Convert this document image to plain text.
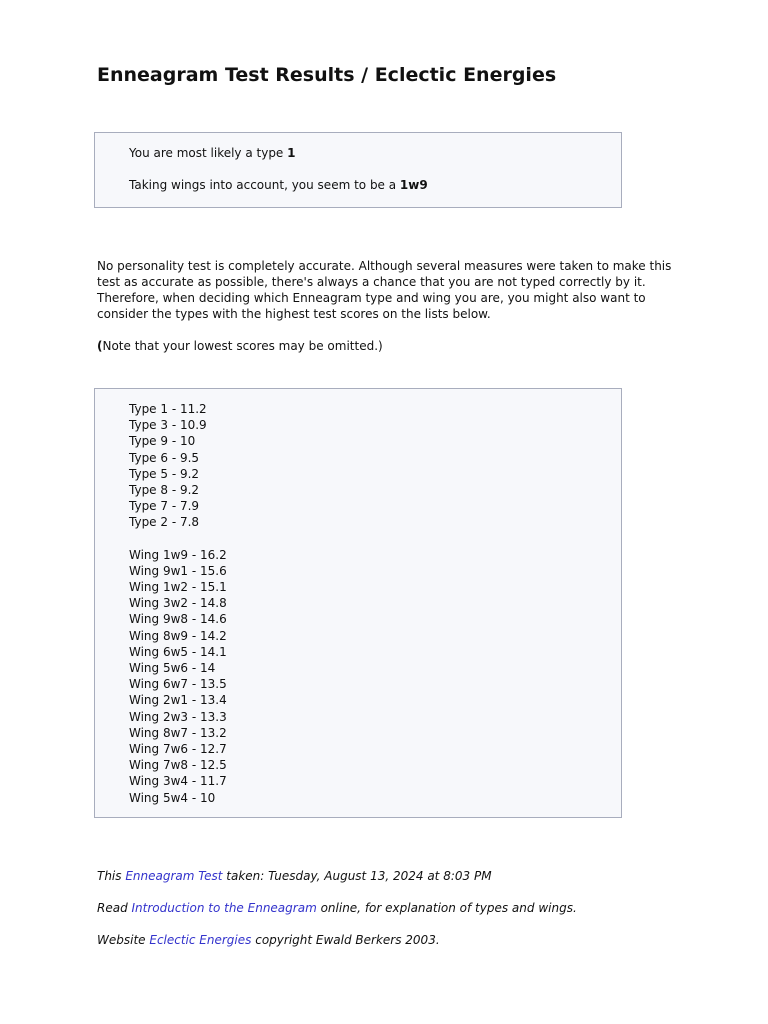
Enneagram Test Results / Eclectic Energies

You are most likely a type 1

Taking wings into account, you seem to be a 1w9

No personality test is completely accurate. Although several measures were taken to make this test as accurate as possible, there's always a chance that you are not typed correctly by it. Therefore, when deciding which Enneagram type and wing you are, you might also want to consider the types with the highest test scores on the lists below.

(Note that your lowest scores may be omitted.)

Type 1 - 11.2
Type 3 - 10.9
Type 9 - 10
Type 6 - 9.5
Type 5 - 9.2
Type 8 - 9.2
Type 7 - 7.9
Type 2 - 7.8
Wing 1w9 - 16.2
Wing 9w1 - 15.6
Wing 1w2 - 15.1
Wing 3w2 - 14.8
Wing 9w8 - 14.6
Wing 8w9 - 14.2
Wing 6w5 - 14.1
Wing 5w6 - 14
Wing 6w7 - 13.5
Wing 2w1 - 13.4
Wing 2w3 - 13.3
Wing 8w7 - 13.2
Wing 7w6 - 12.7
Wing 7w8 - 12.5
Wing 3w4 - 11.7
Wing 5w4 - 10

This Enneagram Test taken: Tuesday, August 13, 2024 at 8:03 PM

Read Introduction to the Enneagram online, for explanation of types and wings.

Website Eclectic Energies copyright Ewald Berkers 2003.
